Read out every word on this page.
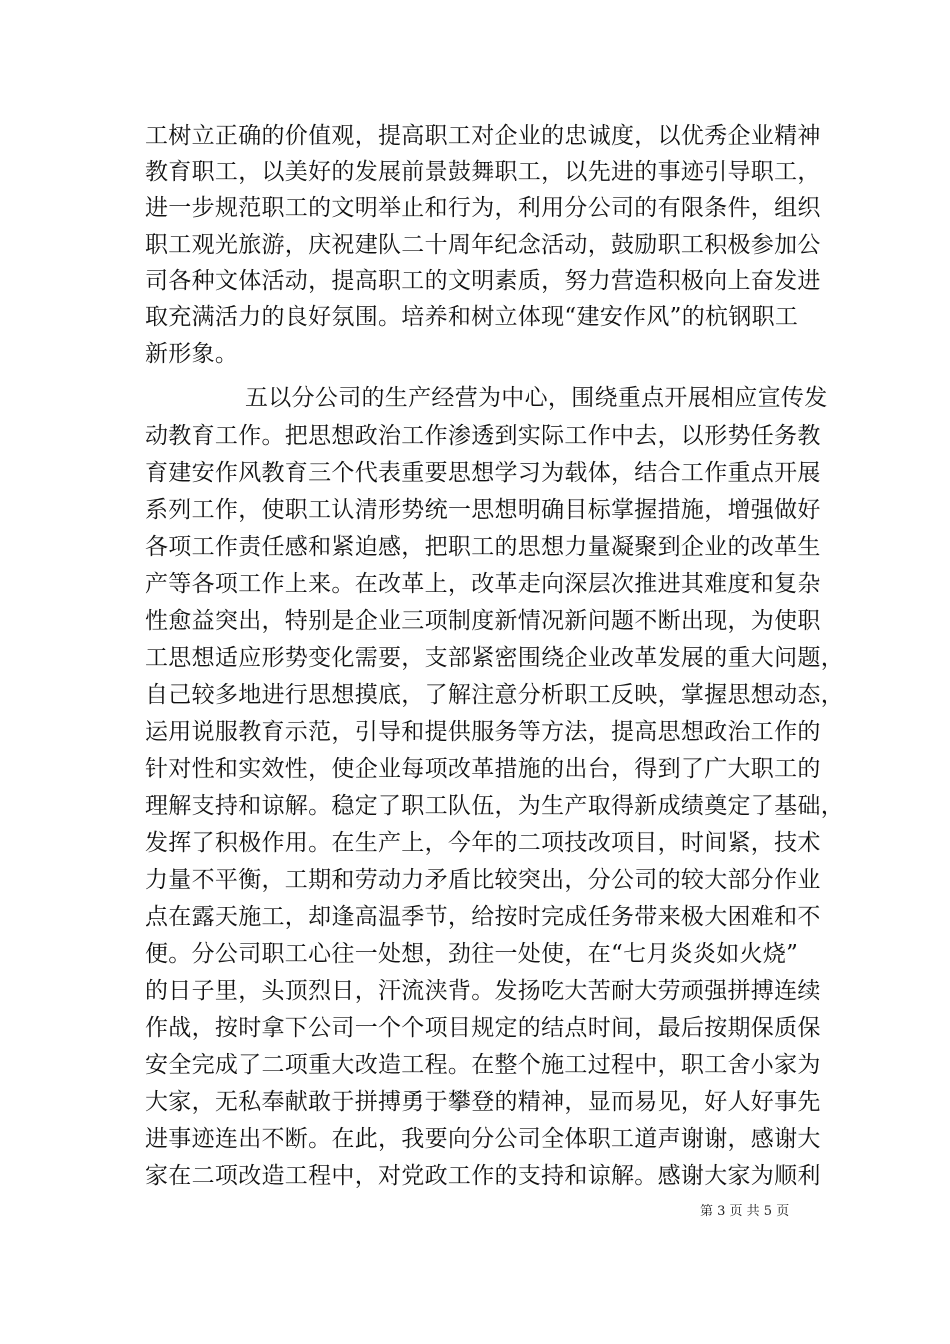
工树立正确的价值观，提高职工对企业的忠诚度，以优秀企业精神
教育职工，以美好的发展前景鼓舞职工，以先进的事迹引导职工，
进一步规范职工的文明举止和行为，利用分公司的有限条件，组织
职工观光旅游，庆祝建队二十周年纪念活动，鼓励职工积极参加公
司各种文体活动，提高职工的文明素质，努力营造积极向上奋发进
取充满活力的良好氛围。培养和树立体现“建安作风”的杭钢职工
新形象。
五以分公司的生产经营为中心，围绕重点开展相应宣传发
动教育工作。把思想政治工作渗透到实际工作中去，以形势任务教
育建安作风教育三个代表重要思想学习为载体，结合工作重点开展
系列工作，使职工认清形势统一思想明确目标掌握措施，增强做好
各项工作责任感和紧迫感，把职工的思想力量凝聚到企业的改革生
产等各项工作上来。在改革上，改革走向深层次推进其难度和复杂
性愈益突出，特别是企业三项制度新情况新问题不断出现，为使职
工思想适应形势变化需要，支部紧密围绕企业改革发展的重大问题，
自己较多地进行思想摸底，了解注意分析职工反映，掌握思想动态，
运用说服教育示范，引导和提供服务等方法，提高思想政治工作的
针对性和实效性，使企业每项改革措施的出台，得到了广大职工的
理解支持和谅解。稳定了职工队伍，为生产取得新成绩奠定了基础，
发挥了积极作用。在生产上，今年的二项技改项目，时间紧，技术
力量不平衡，工期和劳动力矛盾比较突出，分公司的较大部分作业
点在露天施工，却逢高温季节，给按时完成任务带来极大困难和不
便。分公司职工心往一处想，劲往一处使，在“七月炎炎如火烧”
的日子里，头顶烈日，汗流浃背。发扬吃大苦耐大劳顽强拼搏连续
作战，按时拿下公司一个个项目规定的结点时间，最后按期保质保
安全完成了二项重大改造工程。在整个施工过程中，职工舍小家为
大家，无私奉献敢于拼搏勇于攀登的精神，显而易见，好人好事先
进事迹连出不断。在此，我要向分公司全体职工道声谢谢，感谢大
家在二项改造工程中，对党政工作的支持和谅解。感谢大家为顺利
第 3 页 共 5 页
